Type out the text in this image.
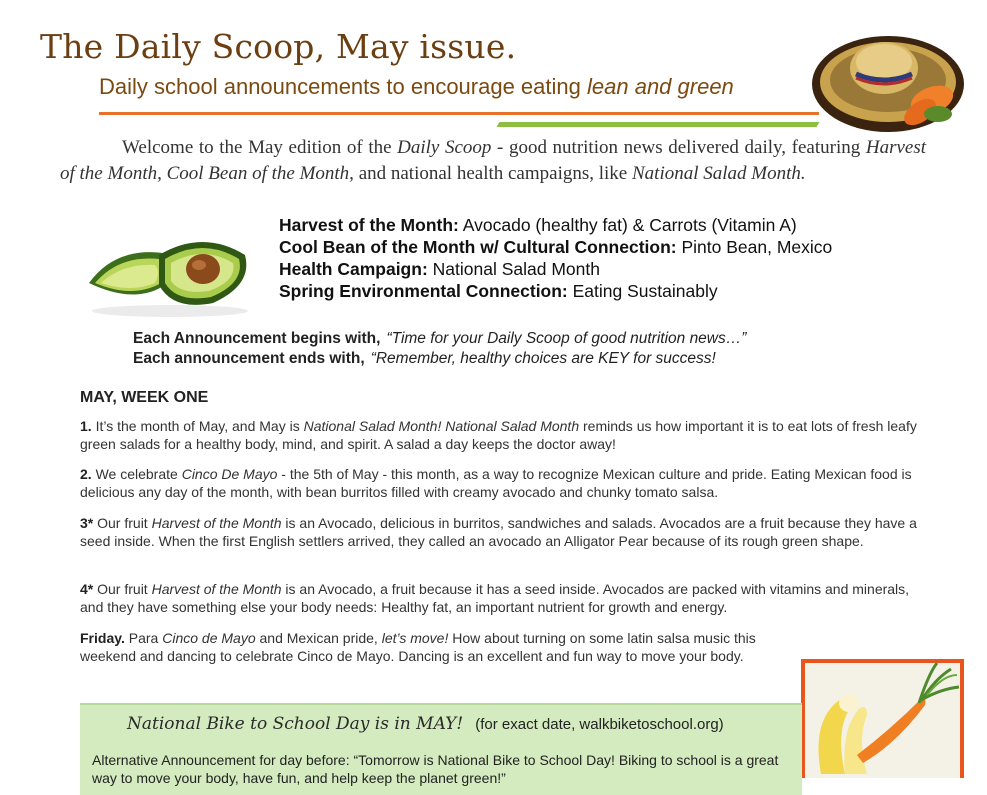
The Daily Scoop, May issue.
Daily school announcements to encourage eating lean and green
Welcome to the May edition of the Daily Scoop - good nutrition news delivered daily, featuring Harvest of the Month, Cool Bean of the Month, and national health campaigns, like National Salad Month.
Harvest of the Month: Avocado (healthy fat) & Carrots (Vitamin A)
Cool Bean of the Month w/ Cultural Connection: Pinto Bean, Mexico
Health Campaign: National Salad Month
Spring Environmental Connection: Eating Sustainably
Each Announcement begins with, “Time for your Daily Scoop of good nutrition news…”
Each announcement ends with, “Remember, healthy choices are KEY for success!
MAY, WEEK ONE
1. It’s the month of May, and May is National Salad Month! National Salad Month reminds us how important it is to eat lots of fresh leafy green salads for a healthy body, mind, and spirit. A salad a day keeps the doctor away!
2. We celebrate Cinco De Mayo - the 5th of May - this month, as a way to recognize Mexican culture and pride. Eating Mexican food is delicious any day of the month, with bean burritos filled with creamy avocado and chunky tomato salsa.
3* Our fruit Harvest of the Month is an Avocado, delicious in burritos, sandwiches and salads. Avocados are a fruit because they have a seed inside. When the first English settlers arrived, they called an avocado an Alligator Pear because of its rough green shape.
4* Our fruit Harvest of the Month is an Avocado, a fruit because it has a seed inside. Avocados are packed with vitamins and minerals, and they have something else your body needs: Healthy fat, an important nutrient for growth and energy.
Friday. Para Cinco de Mayo and Mexican pride, let’s move! How about turning on some latin salsa music this weekend and dancing to celebrate Cinco de Mayo. Dancing is an excellent and fun way to move your body.
National Bike to School Day is in MAY! (for exact date, walkbiketoschool.org)
Alternative Announcement for day before: “Tomorrow is National Bike to School Day! Biking to school is a great way to move your body, have fun, and help keep the planet green!”
